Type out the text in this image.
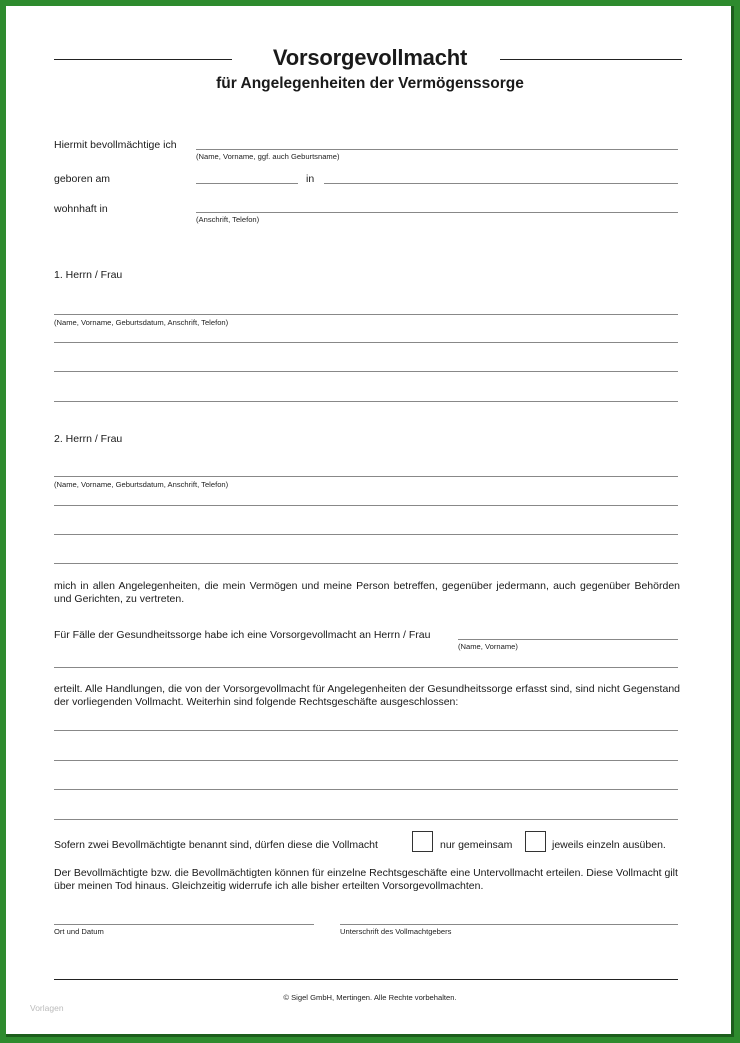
Vorsorgevollmacht
für Angelegenheiten der Vermögenssorge
Hiermit bevollmächtige ich
(Name, Vorname, ggf. auch Geburtsname)
geboren am	in
wohnhaft in
(Anschrift, Telefon)
1. Herrn / Frau
(Name, Vorname, Geburtsdatum, Anschrift, Telefon)
2. Herrn / Frau
(Name, Vorname, Geburtsdatum, Anschrift, Telefon)
mich in allen Angelegenheiten, die mein Vermögen und meine Person betreffen, gegenüber jedermann, auch gegenüber Behörden und Gerichten, zu vertreten.
Für Fälle der Gesundheitssorge habe ich eine Vorsorgevollmacht an Herrn / Frau
(Name, Vorname)
erteilt. Alle Handlungen, die von der Vorsorgevollmacht für Angelegenheiten der Gesundheitssorge erfasst sind, sind nicht Gegenstand der vorliegenden Vollmacht. Weiterhin sind folgende Rechtsgeschäfte ausgeschlossen:
Sofern zwei Bevollmächtigte benannt sind, dürfen diese die Vollmacht	nur gemeinsam	jeweils einzeln ausüben.
Der Bevollmächtigte bzw. die Bevollmächtigten können für einzelne Rechtsgeschäfte eine Untervollmacht erteilen. Diese Vollmacht gilt über meinen Tod hinaus. Gleichzeitig widerrufe ich alle bisher erteilten Vorsorgevollmachten.
Ort und Datum	Unterschrift des Vollmachtgebers
© Sigel GmbH, Mertingen. Alle Rechte vorbehalten.
Vorlagen
